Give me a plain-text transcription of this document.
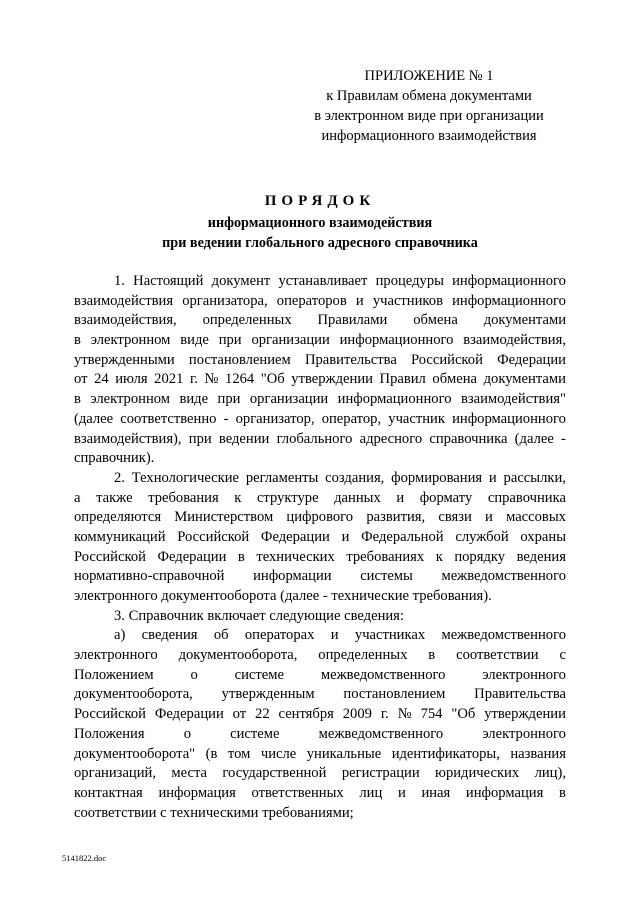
ПРИЛОЖЕНИЕ № 1
к Правилам обмена документами
в электронном виде при организации
информационного взаимодействия
ПОРЯДОК
информационного взаимодействия
при ведении глобального адресного справочника
1. Настоящий документ устанавливает процедуры информационного
взаимодействия организатора, операторов и участников информационного
взаимодействия, определенных Правилами обмена документами
в электронном виде при организации информационного взаимодействия,
утвержденными постановлением Правительства Российской Федерации
от 24 июля 2021 г. № 1264 "Об утверждении Правил обмена документами
в электронном виде при организации информационного взаимодействия"
(далее соответственно - организатор, оператор, участник информационного
взаимодействия), при ведении глобального адресного справочника (далее -
справочник).
2. Технологические регламенты создания, формирования и рассылки,
а также требования к структуре данных и формату справочника
определяются Министерством цифрового развития, связи и массовых
коммуникаций Российской Федерации и Федеральной службой охраны
Российской Федерации в технических требованиях к порядку ведения
нормативно-справочной информации системы межведомственного
электронного документооборота (далее - технические требования).
3. Справочник включает следующие сведения:
а) сведения об операторах и участниках межведомственного
электронного документооборота, определенных в соответствии с
Положением	о	системе	межведомственного	электронного
документооборота, утвержденным постановлением Правительства
Российской Федерации от 22 сентября 2009 г. № 754 "Об утверждении
Положения	о	системе	межведомственного	электронного
документооборота" (в том числе уникальные идентификаторы, названия
организаций, места государственной регистрации юридических лиц),
контактная информация ответственных лиц и иная информация в
соответствии с техническими требованиями;
5141822.doc
